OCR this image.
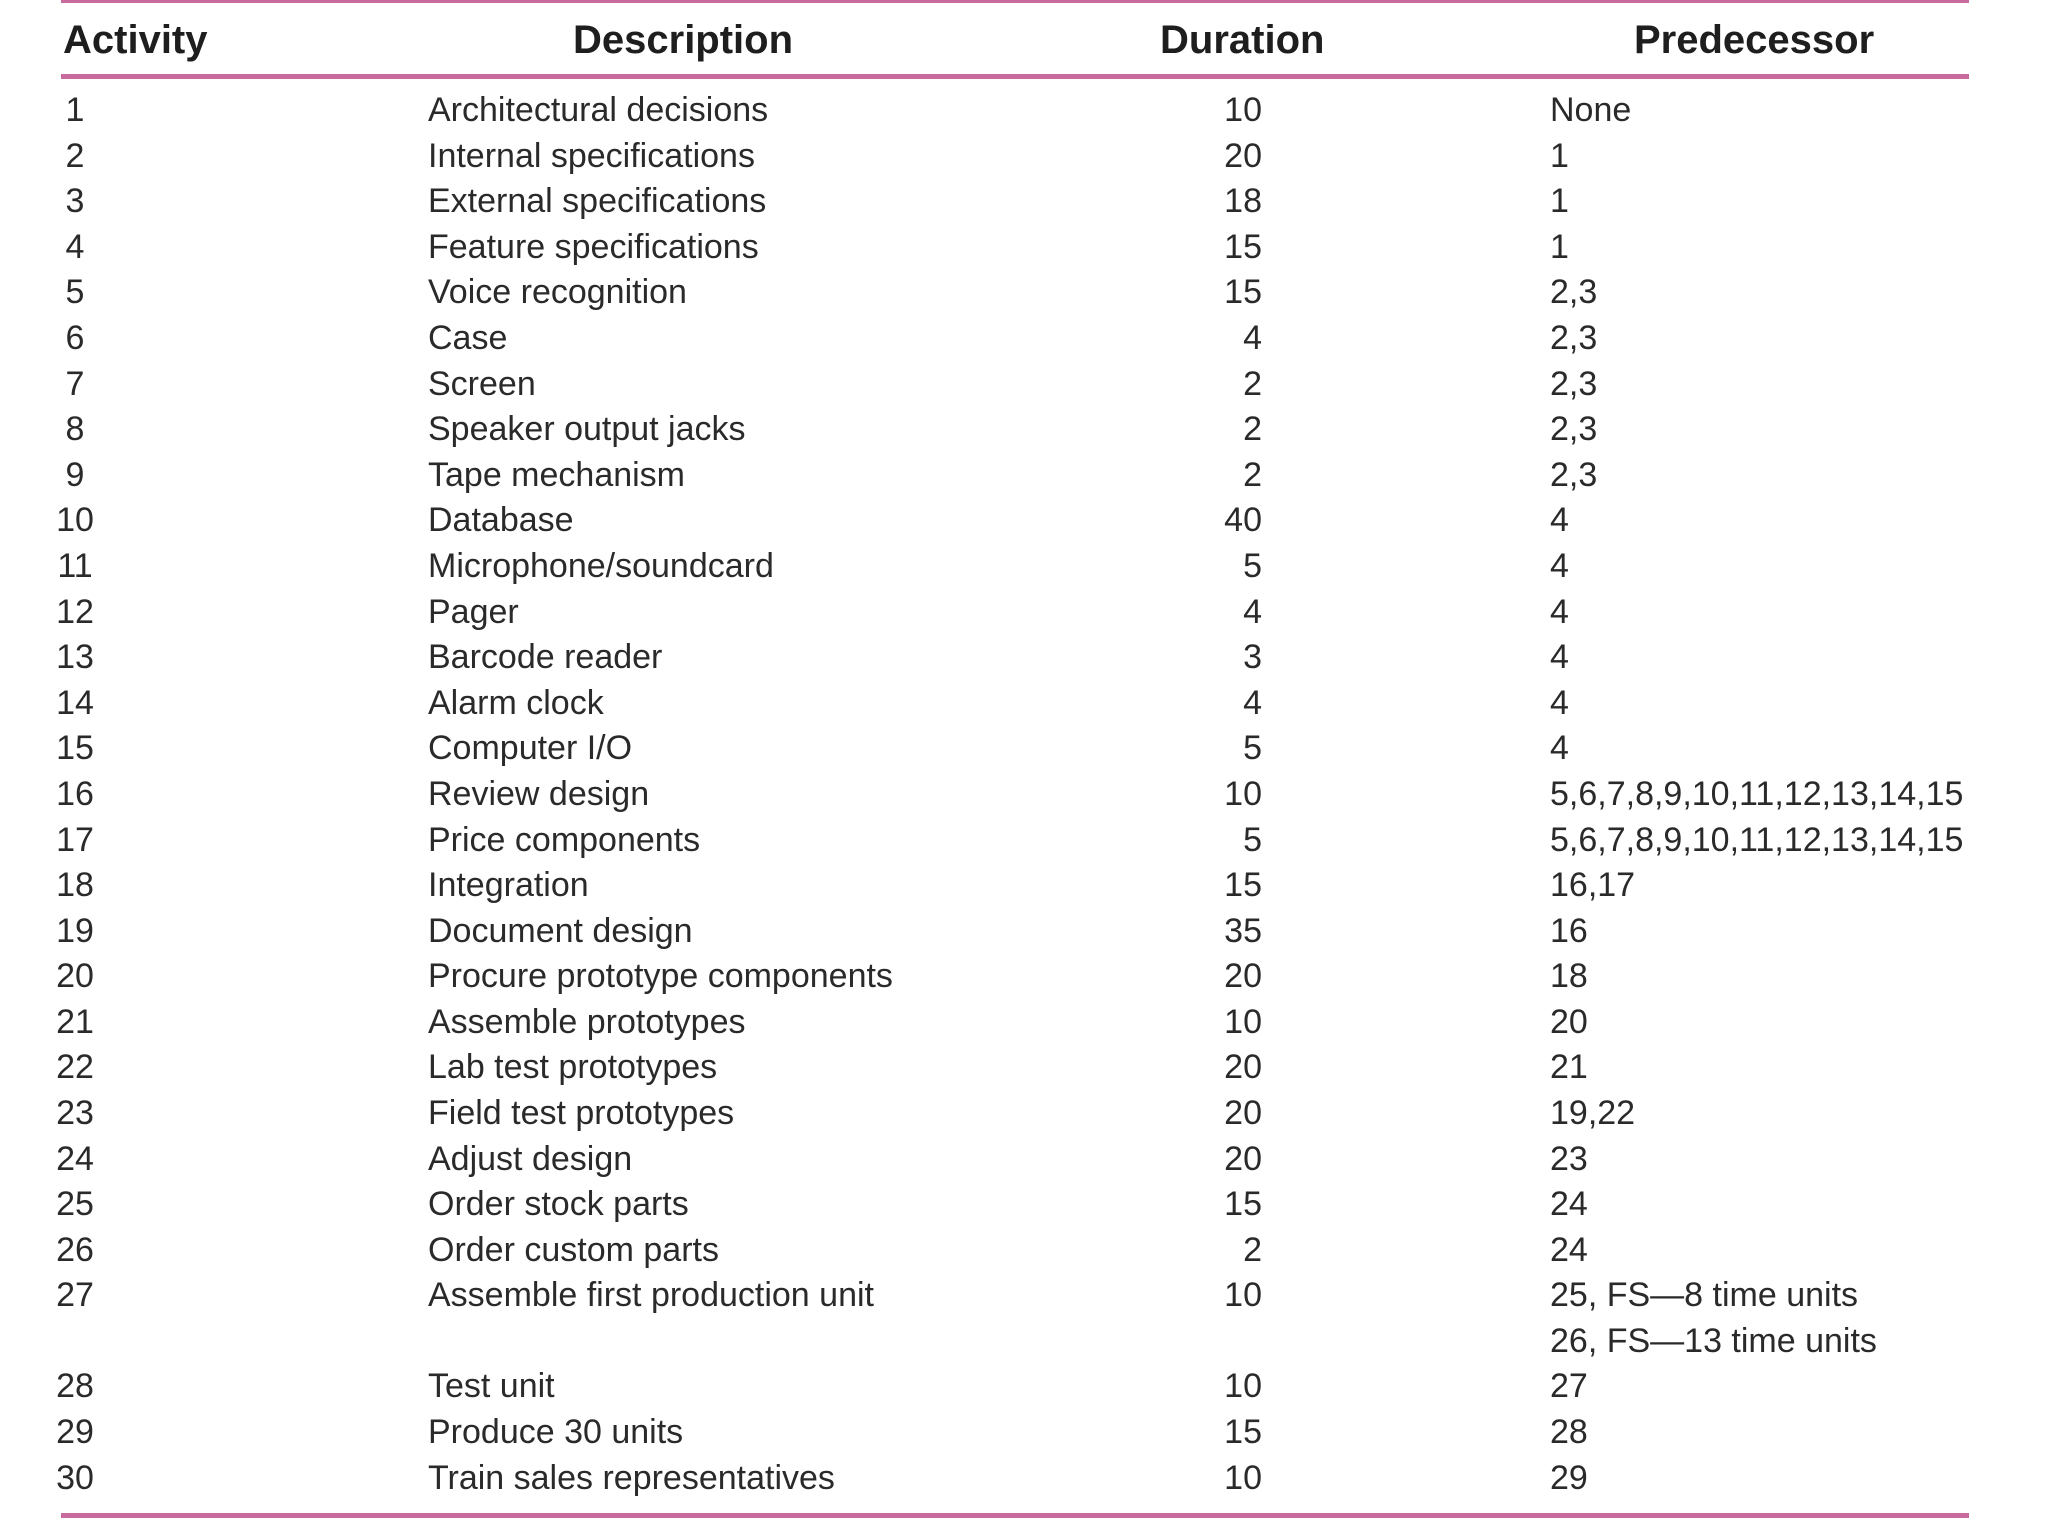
Activity	Description	Duration	Predecessor
1	Architectural decisions	10	None
2	Internal specifications	20	1
3	External specifications	18	1
4	Feature specifications	15	1
5	Voice recognition	15	2,3
6	Case	4	2,3
7	Screen	2	2,3
8	Speaker output jacks	2	2,3
9	Tape mechanism	2	2,3
10	Database	40	4
11	Microphone/soundcard	5	4
12	Pager	4	4
13	Barcode reader	3	4
14	Alarm clock	4	4
15	Computer I/O	5	4
16	Review design	10	5,6,7,8,9,10,11,12,13,14,15
17	Price components	5	5,6,7,8,9,10,11,12,13,14,15
18	Integration	15	16,17
19	Document design	35	16
20	Procure prototype components	20	18
21	Assemble prototypes	10	20
22	Lab test prototypes	20	21
23	Field test prototypes	20	19,22
24	Adjust design	20	23
25	Order stock parts	15	24
26	Order custom parts	2	24
27	Assemble first production unit	10	25, FS—8 time units
26, FS—13 time units
28	Test unit	10	27
29	Produce 30 units	15	28
30	Train sales representatives	10	29
